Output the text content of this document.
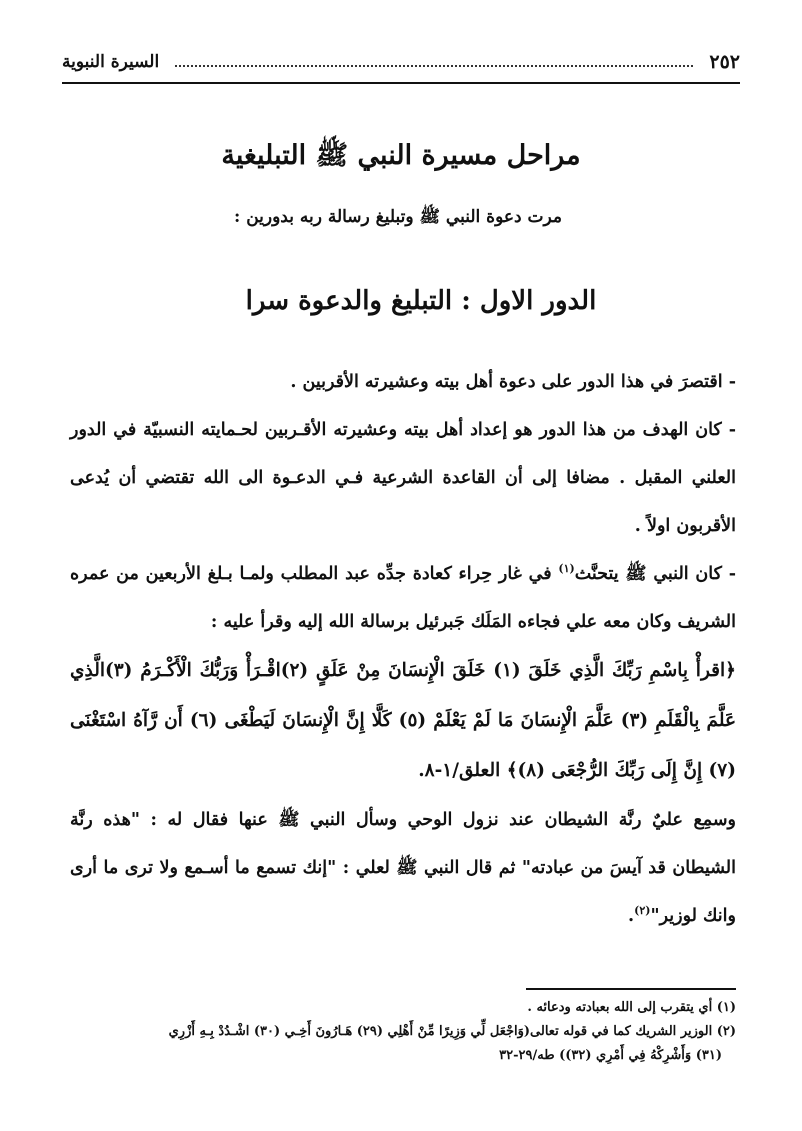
٢٥٢
السيرة النبوية
مراحل مسيرة النبي ﷺ التبليغية
مرت دعوة النبي ﷺ وتبليغ رسالة ربه بدورين :
الدور الاول : التبليغ والدعوة سرا

- اقتصرَ في هذا الدور على دعوة أهل بيته وعشيرته الأقربين .

- كان الهدف من هذا الدور هو إعداد أهل بيته وعشيرته الأقـربين لحـمايته النسبيّة في الدور العلني المقبل . مضافا إلى أن القاعدة الشرعية فـي الدعـوة الى الله تقتضي أن يُدعى الأقربون اولاً .

- كان النبي ﷺ يتحنَّث$^{(١)}$ في غار حِراء كعادة جدِّه عبد المطلب ولمـا بـلغ الأربعين من عمره الشريف وكان معه علي فجاءه المَلَك جَبرئيل برسالة الله إليه وقرأ عليه :

﴿اقرأْ بِاسْمِ رَبِّكَ الَّذِي خَلَقَ (١) خَلَقَ الْإِنسَانَ مِنْ عَلَقٍ (٢)اقْـرَأْ وَرَبُّكَ الْأَكْـرَمُ (٣)الَّذِي عَلَّمَ بِالْقَلَمِ (٣) عَلَّمَ الْإِنسَانَ مَا لَمْ يَعْلَمْ (٥) كَلَّا إِنَّ الْإِنسَانَ لَيَطْغَى (٦) أَن رَّآهُ اسْتَغْنَى (٧) إِنَّ إِلَى رَبِّكَ الرُّجْعَى (٨)﴾ العلق/١-٨.

وسمِع عليٌ رنَّة الشيطان عند نزول الوحي وسأل النبي ﷺ عنها فقال له : "هذه رنَّة الشيطان قد آيسَ من عبادته" ثم قال النبي ﷺ لعلي : "إنك تسمع ما أسـمع ولا ترى ما أرى وانك لوزير"$^{(٢)}$.

(١) أي يتقرب إلى الله بعبادته ودعائه .

(٢) الوزير الشريك كما في قوله تعالى(وَاجْعَل لِّي وَزِيرًا مِّنْ أَهْلِي (٢٩) هَـارُونَ أَخِـي (٣٠) اشْـدُدْ بِـهِ أَزْرِي

(٣١) وَأَشْرِكْهُ فِي أَمْرِي (٣٢)) طه/٢٩-٣٢
